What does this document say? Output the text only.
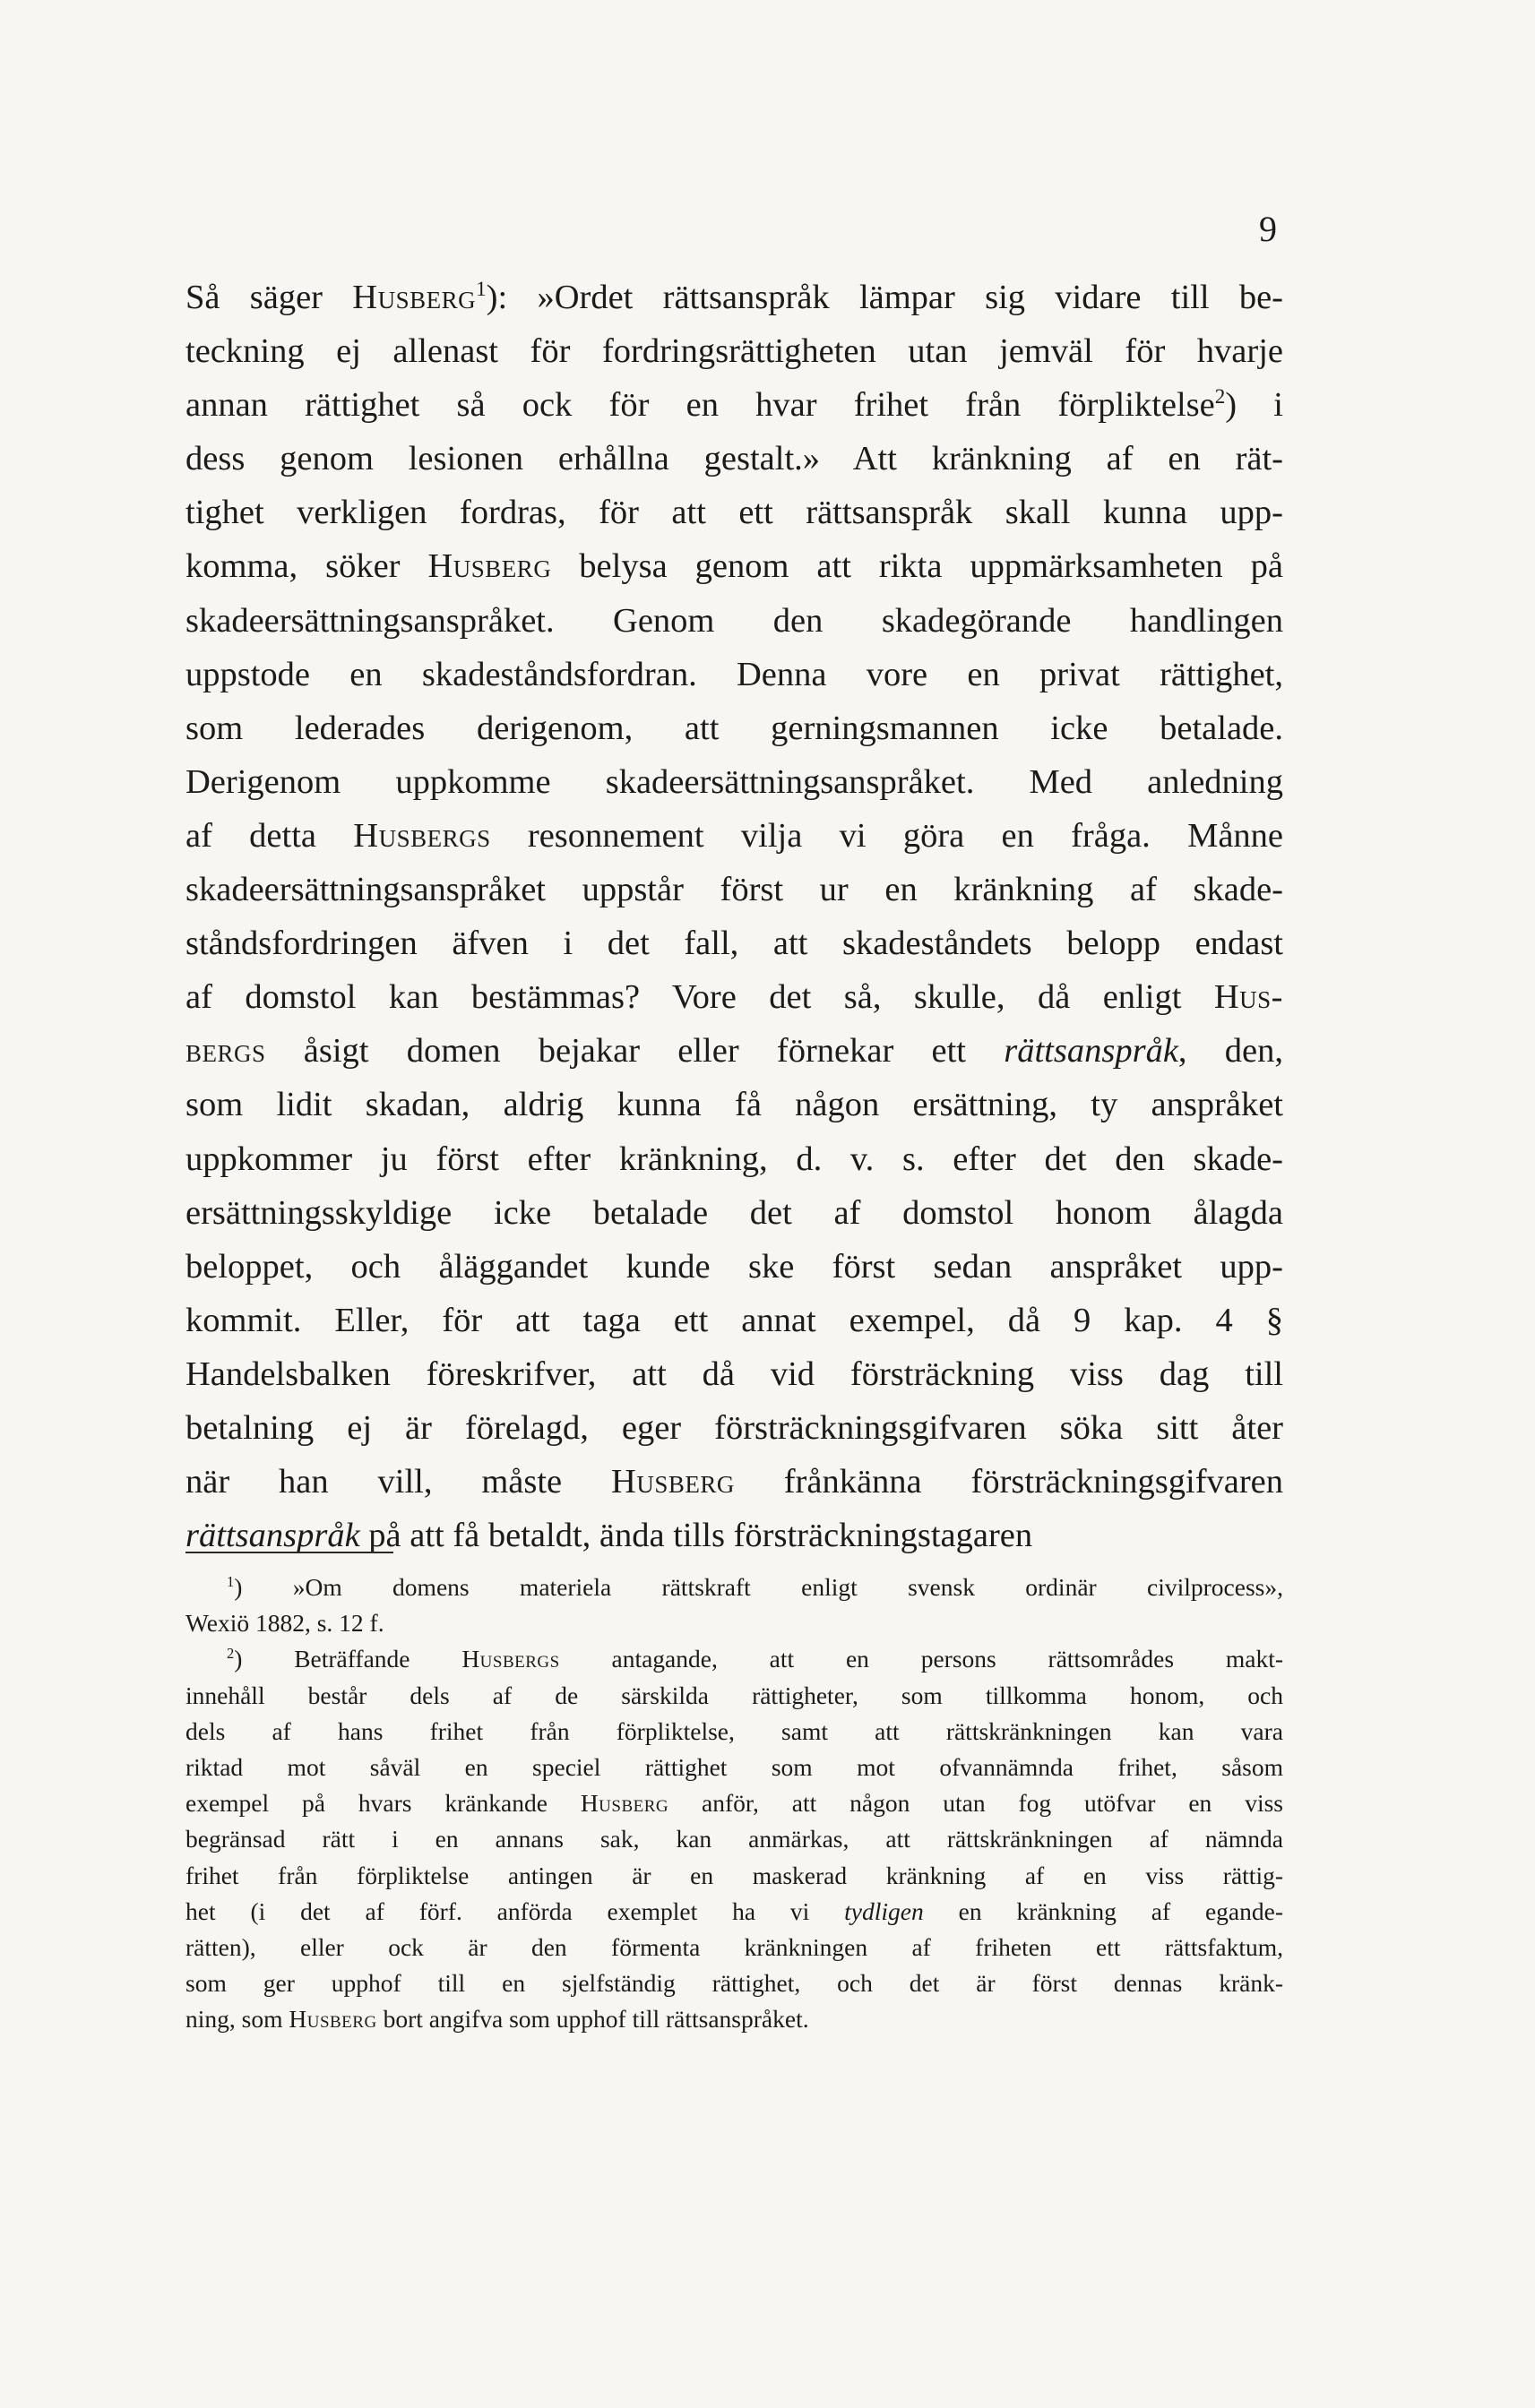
9

Så säger Husberg$^1$): »Ordet rättsanspråk lämpar sig vidare till be-

teckning ej allenast för fordringsrättigheten utan jemväl för hvarje

annan rättighet så ock för en hvar frihet från förpliktelse$^2$) i

dess genom lesionen erhållna gestalt.» Att kränkning af en rät-

tighet verkligen fordras, för att ett rättsanspråk skall kunna upp-

komma, söker Husberg belysa genom att rikta uppmärksamheten på

skadeersättningsanspråket. Genom den skadegörande handlingen

uppstode en skadeståndsfordran. Denna vore en privat rättighet,

som lederades derigenom, att gerningsmannen icke betalade.

Derigenom uppkomme skadeersättningsanspråket. Med anledning

af detta Husbergs resonnement vilja vi göra en fråga. Månne

skadeersättningsanspråket uppstår först ur en kränkning af skade-

ståndsfordringen äfven i det fall, att skadeståndets belopp endast

af domstol kan bestämmas? Vore det så, skulle, då enligt Hus-

bergs åsigt domen bejakar eller förnekar ett rättsanspråk, den,

som lidit skadan, aldrig kunna få någon ersättning, ty anspråket

uppkommer ju först efter kränkning, d. v. s. efter det den skade-

ersättningsskyldige icke betalade det af domstol honom ålagda

beloppet, och åläggandet kunde ske först sedan anspråket upp-

kommit. Eller, för att taga ett annat exempel, då 9 kap. 4 §

Handelsbalken föreskrifver, att då vid försträckning viss dag till

betalning ej är förelagd, eger försträckningsgifvaren söka sitt åter

när han vill, måste Husberg frånkänna försträckningsgifvaren

rättsanspråk på att få betaldt, ända tills försträckningstagaren

$^1$) »Om domens materiela rättskraft enligt svensk ordinär civilprocess»,

Wexiö 1882, s. 12 f.

$^2$) Beträffande Husbergs antagande, att en persons rättsområdes makt-

innehåll består dels af de särskilda rättigheter, som tillkomma honom, och

dels af hans frihet från förpliktelse, samt att rättskränkningen kan vara

riktad mot såväl en speciel rättighet som mot ofvannämnda frihet, såsom

exempel på hvars kränkande Husberg anför, att någon utan fog utöfvar en viss

begränsad rätt i en annans sak, kan anmärkas, att rättskränkningen af nämnda

frihet från förpliktelse antingen är en maskerad kränkning af en viss rättig-

het (i det af förf. anförda exemplet ha vi tydligen en kränkning af egande-

rätten), eller ock är den förmenta kränkningen af friheten ett rättsfaktum,

som ger upphof till en sjelfständig rättighet, och det är först dennas kränk-

ning, som Husberg bort angifva som upphof till rättsanspråket.
